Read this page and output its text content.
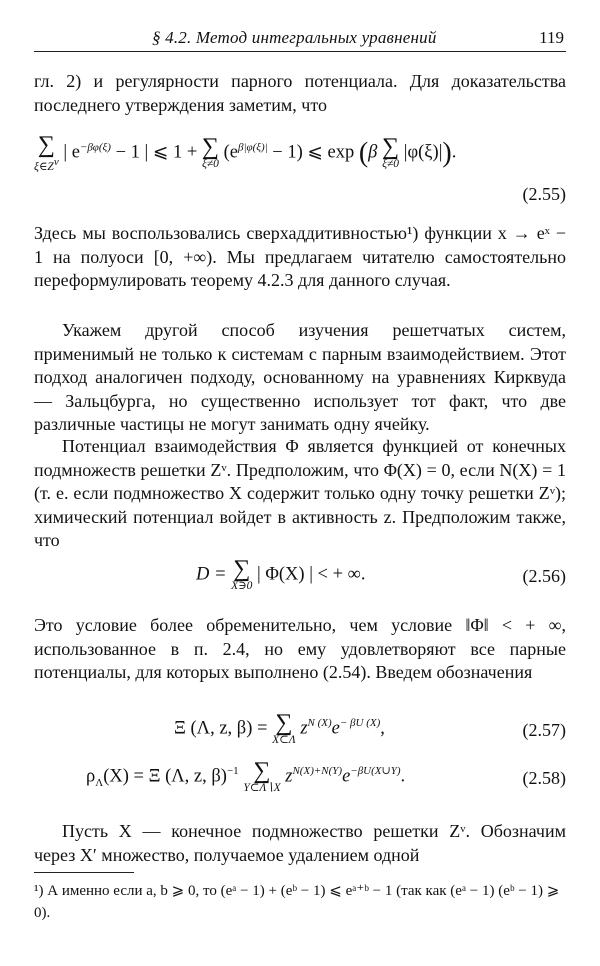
§ 4.2. Метод интегральных уравнений	119
гл. 2) и регулярности парного потенциала. Для доказательства последнего утверждения заметим, что
∑
$\xi\in Z^\nu$ | $e^{-\beta\varphi(\xi)} - 1$ | ⩽ 1 + ∑
ξ≠0
$(e^{\beta|\varphi(\xi)|} - 1)$ ⩽ exp (β ∑
ξ≠0
|φ(ξ)|).
(2.55)
Здесь мы воспользовались сверхаддитивностью¹) функции x → eˣ − 1 на полуоси [0, +∞). Мы предлагаем читателю самостоятельно переформулировать теорему 4.2.3 для данного случая.
Укажем другой способ изучения решетчатых систем, применимый не только к системам с парным взаимодействием. Этот подход аналогичен подходу, основанному на уравнениях Кирквуда — Зальцбурга, но существенно использует тот факт, что две различные частицы не могут занимать одну ячейку.
Потенциал взаимодействия Φ является функцией от конечных подмножеств решетки Zᵛ. Предположим, что Φ(X) = 0, если N(X) = 1 (т. е. если подмножество X содержит только одну точку решетки Zᵛ); химический потенциал войдет в активность z. Предположим также, что
D = ∑
X∋0
| Φ(X) | < + ∞.	(2.56)
Это условие более обременительно, чем условие ‖Φ‖ < + ∞, использованное в п. 2.4, но ему удовлетворяют все парные потенциалы, для которых выполнено (2.54). Введем обозначения
Ξ (Λ, z, β) = ∑
X⊂Λ
$z^{N (X)}e^{- \beta U (X)}$,	(2.57)
$\rho_\Lambda(X) = \Xi$ (Λ, z, β)$^{-1}$ ∑
Y⊂Λ∖X
$z^{N(X)+N(Y)}e^{-\beta U(X\cup Y)}$.	(2.58)
Пусть X — конечное подмножество решетки Zᵛ. Обозначим через X′ множество, получаемое удалением одной
¹) А именно если a, b ⩾ 0, то (eᵃ − 1) + (eᵇ − 1) ⩽ eᵃ⁺ᵇ − 1 (так как (eᵃ − 1) (eᵇ − 1) ⩾ 0).
